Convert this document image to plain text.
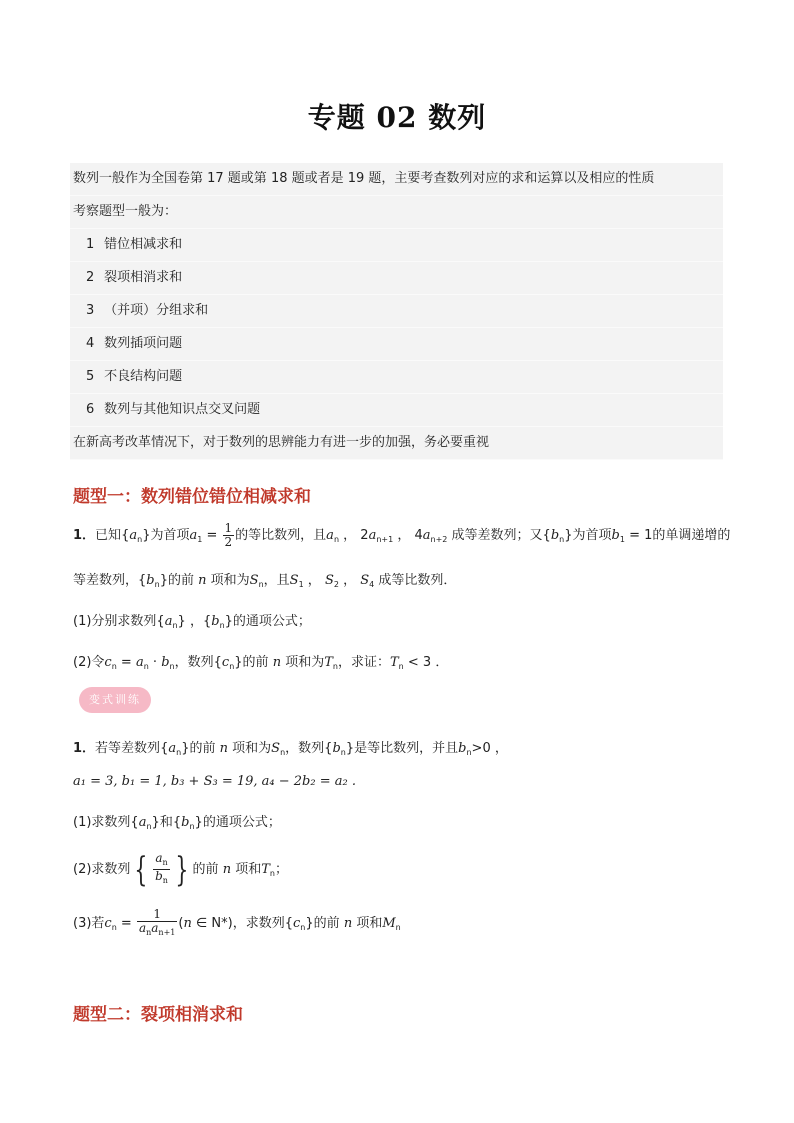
专题 02 数列
数列一般作为全国卷第 17 题或第 18 题或者是 19 题，主要考查数列对应的求和运算以及相应的性质
考察题型一般为：
1 错位相减求和
2 裂项相消求和
3 （并项）分组求和
4 数列插项问题
5 不良结构问题
6 数列与其他知识点交叉问题
在新高考改革情况下，对于数列的思辨能力有进一步的加强，务必要重视
题型一：数列错位错位相减求和
1．已知$\{a_n\}$为首项$a_1 = \frac{1}{2}$ 的等比数列，且$a_n$ ， $2a_{n+1}$ ， $4a_{n+2}$ 成等差数列；又$\{b_n\}$为首项$b_1 = 1$的单调递增的
等差数列，$\{b_n\}$的前 n 项和为$S_n$，且$S_1$ ， $S_2$ ， $S_4$ 成等比数列．
(1)分别求数列$\{a_n\}$ ，$\{b_n\}$的通项公式；
(2)令$c_n = a_n \cdot b_n$，数列$\{c_n\}$的前 n 项和为$T_n$，求证：$T_n < 3$ ．
变式训练
1．若等差数列$\{a_n\}$的前 n 项和为$S_n$，数列$\{b_n\}$是等比数列，并且$b_n>0$ ，
a₁ = 3, b₁ = 1, b₃ + S₃ = 19, a₄ − 2b₂ = a₂ .
(1)求数列$\{a_n\}$和$\{b_n\}$的通项公式；
(2)求数列 { $\frac{a_n}{b_n}$ } 的前 n 项和$T_n$；
(3)若$c_n = \frac{1}{a_na_{n+1}} (n$ ∈ N*)，求数列$\{c_n\}$的前 n 项和$M_n$
题型二：裂项相消求和
